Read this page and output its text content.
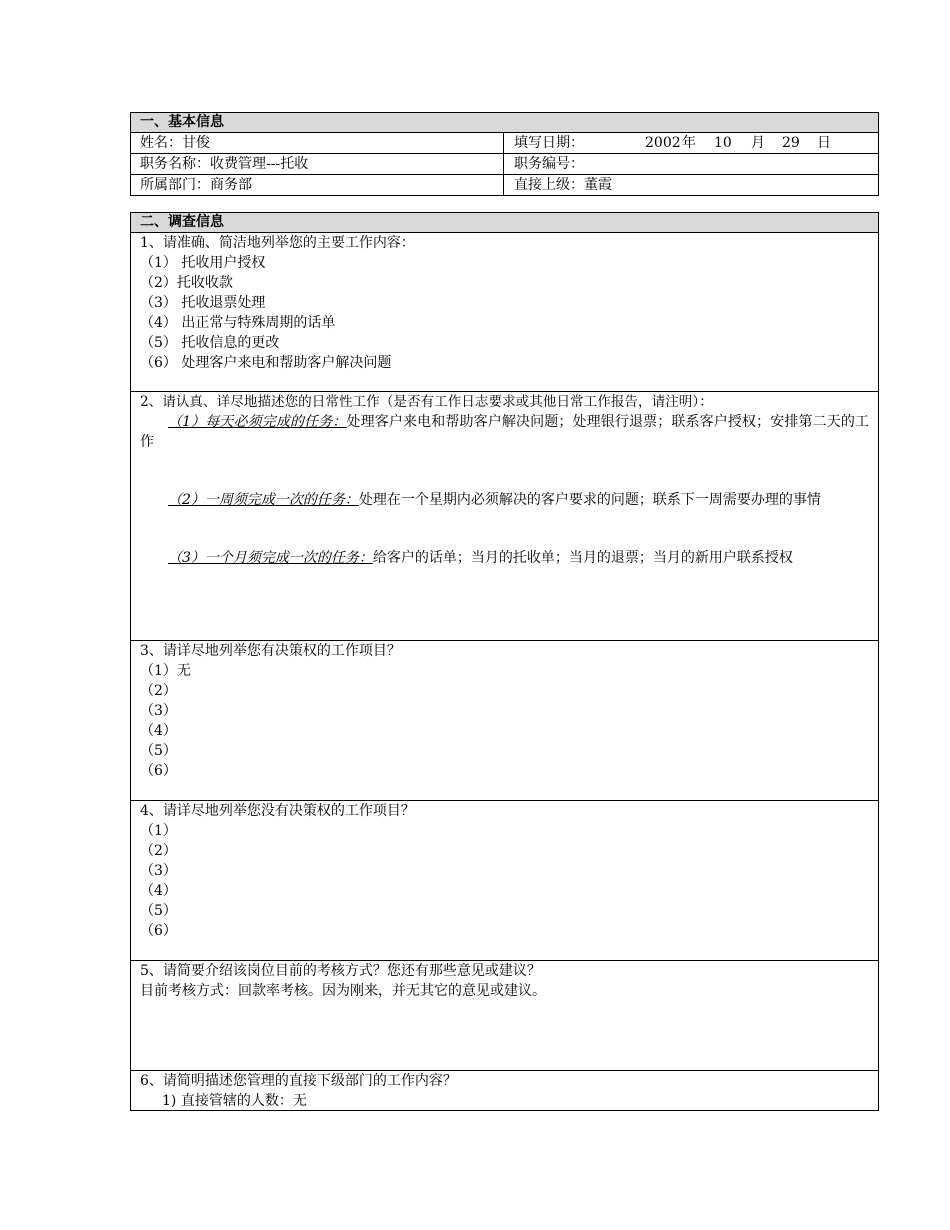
一、基本信息
姓名：甘俊	填写日期：	2002 年 10 月 29 日
职务名称：收费管理---托收	职务编号：
所属部门：商务部	直接上级：董霞
二、调查信息
1、请准确、简洁地列举您的主要工作内容：
（1） 托收用户授权
（2）托收收款
（3） 托收退票处理
（4） 出正常与特殊周期的话单
（5） 托收信息的更改
（6） 处理客户来电和帮助客户解决问题
2、请认真、详尽地描述您的日常性工作（是否有工作日志要求或其他日常工作报告，请注明）：
（1）每天必须完成的任务：处理客户来电和帮助客户解决问题；处理银行退票；联系客户授权；安排第二天的工作
（2）一周须完成一次的任务：处理在一个星期内必须解决的客户要求的问题；联系下一周需要办理的事情
（3）一个月须完成一次的任务：给客户的话单；当月的托收单；当月的退票；当月的新用户联系授权
3、请详尽地列举您有决策权的工作项目？
（1）无
（2）
（3）
（4）
（5）
（6）
4、请详尽地列举您没有决策权的工作项目？
（1）
（2）
（3）
（4）
（5）
（6）
5、请简要介绍该岗位目前的考核方式？您还有那些意见或建议？
目前考核方式：回款率考核。因为刚来，并无其它的意见或建议。
6、请简明描述您管理的直接下级部门的工作内容？
1) 直接管辖的人数：无
